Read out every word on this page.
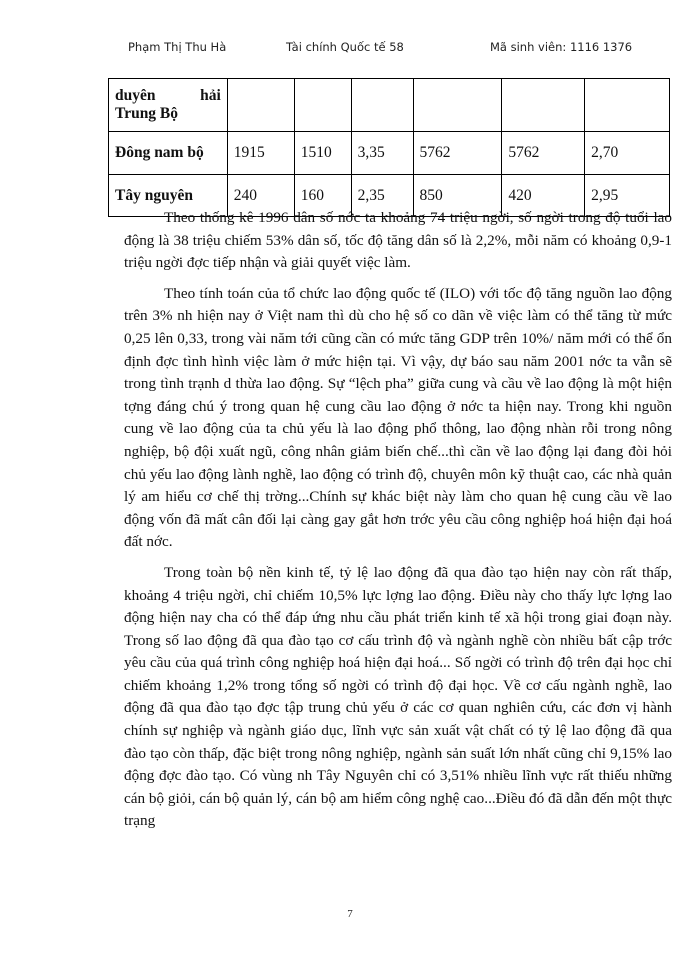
Phạm Thị Thu Hà	Tài chính Quốc tế 58	Mã sinh viên: 1116 1376
duyên hải
Trung Bộ						

Đông nam bộ	1915	1510	3,35	5762	5762	2,70
Tây nguyên	240	160	2,35	850	420	2,95

Theo thống kê 1996 dân số nớc ta khoảng 74 triệu ngời, số ngời trong độ tuổi lao động là 38 triệu chiếm 53% dân số, tốc độ tăng dân số là 2,2%, mỗi năm có khoảng 0,9-1 triệu ngời đợc tiếp nhận và giải quyết việc làm.

Theo tính toán của tổ chức lao động quốc tế (ILO) với tốc độ tăng nguồn lao động trên 3% nh hiện nay ở Việt nam thì dù cho hệ số co dãn về việc làm có thể tăng từ mức 0,25 lên 0,33, trong vài năm tới cũng cần có mức tăng GDP trên 10%/ năm mới có thể ổn định đợc tình hình việc làm ở mức hiện tại. Vì vậy, dự báo sau năm 2001 nớc ta vẫn sẽ trong tình trạnh d thừa lao động. Sự “lệch pha” giữa cung và cầu về lao động là một hiện tợng đáng chú ý trong quan hệ cung cầu lao động ở nớc ta hiện nay. Trong khi nguồn cung về lao động của ta chủ yếu là lao động phổ thông, lao động nhàn rỗi trong nông nghiệp, bộ đội xuất ngũ, công nhân giảm biến chế...thì cần về lao động lại đang đòi hỏi chủ yếu lao động lành nghề, lao động có trình độ, chuyên môn kỹ thuật cao, các nhà quản lý am hiểu cơ chế thị trờng...Chính sự khác biệt này làm cho quan hệ cung cầu về lao động vốn đã mất cân đối lại càng gay gắt hơn trớc yêu cầu công nghiệp hoá hiện đại hoá đất nớc.

Trong toàn bộ nền kinh tế, tỷ lệ lao động đã qua đào tạo hiện nay còn rất thấp, khoảng 4 triệu ngời, chỉ chiếm 10,5% lực lợng lao động. Điều này cho thấy lực lợng lao động hiện nay cha có thể đáp ứng nhu cầu phát triển kinh tế xã hội trong giai đoạn này. Trong số lao động đã qua đào tạo cơ cấu trình độ và ngành nghề còn nhiều bất cập trớc yêu cầu của quá trình công nghiệp hoá hiện đại hoá... Số ngời có trình độ trên đại học chỉ chiếm khoảng 1,2% trong tổng số ngời có trình độ đại học. Về cơ cấu ngành nghề, lao động đã qua đào tạo đợc tập trung chủ yếu ở các cơ quan nghiên cứu, các đơn vị hành chính sự nghiệp và ngành giáo dục, lĩnh vực sản xuất vật chất có tỷ lệ lao động đã qua đào tạo còn thấp, đặc biệt trong nông nghiệp, ngành sản suất lớn nhất cũng chỉ 9,15% lao động đợc đào tạo. Có vùng nh Tây Nguyên chỉ có 3,51% nhiều lĩnh vực rất thiếu những cán bộ giỏi, cán bộ quản lý, cán bộ am hiểm công nghệ cao...Điều đó đã dẫn đến một thực trạng

7
